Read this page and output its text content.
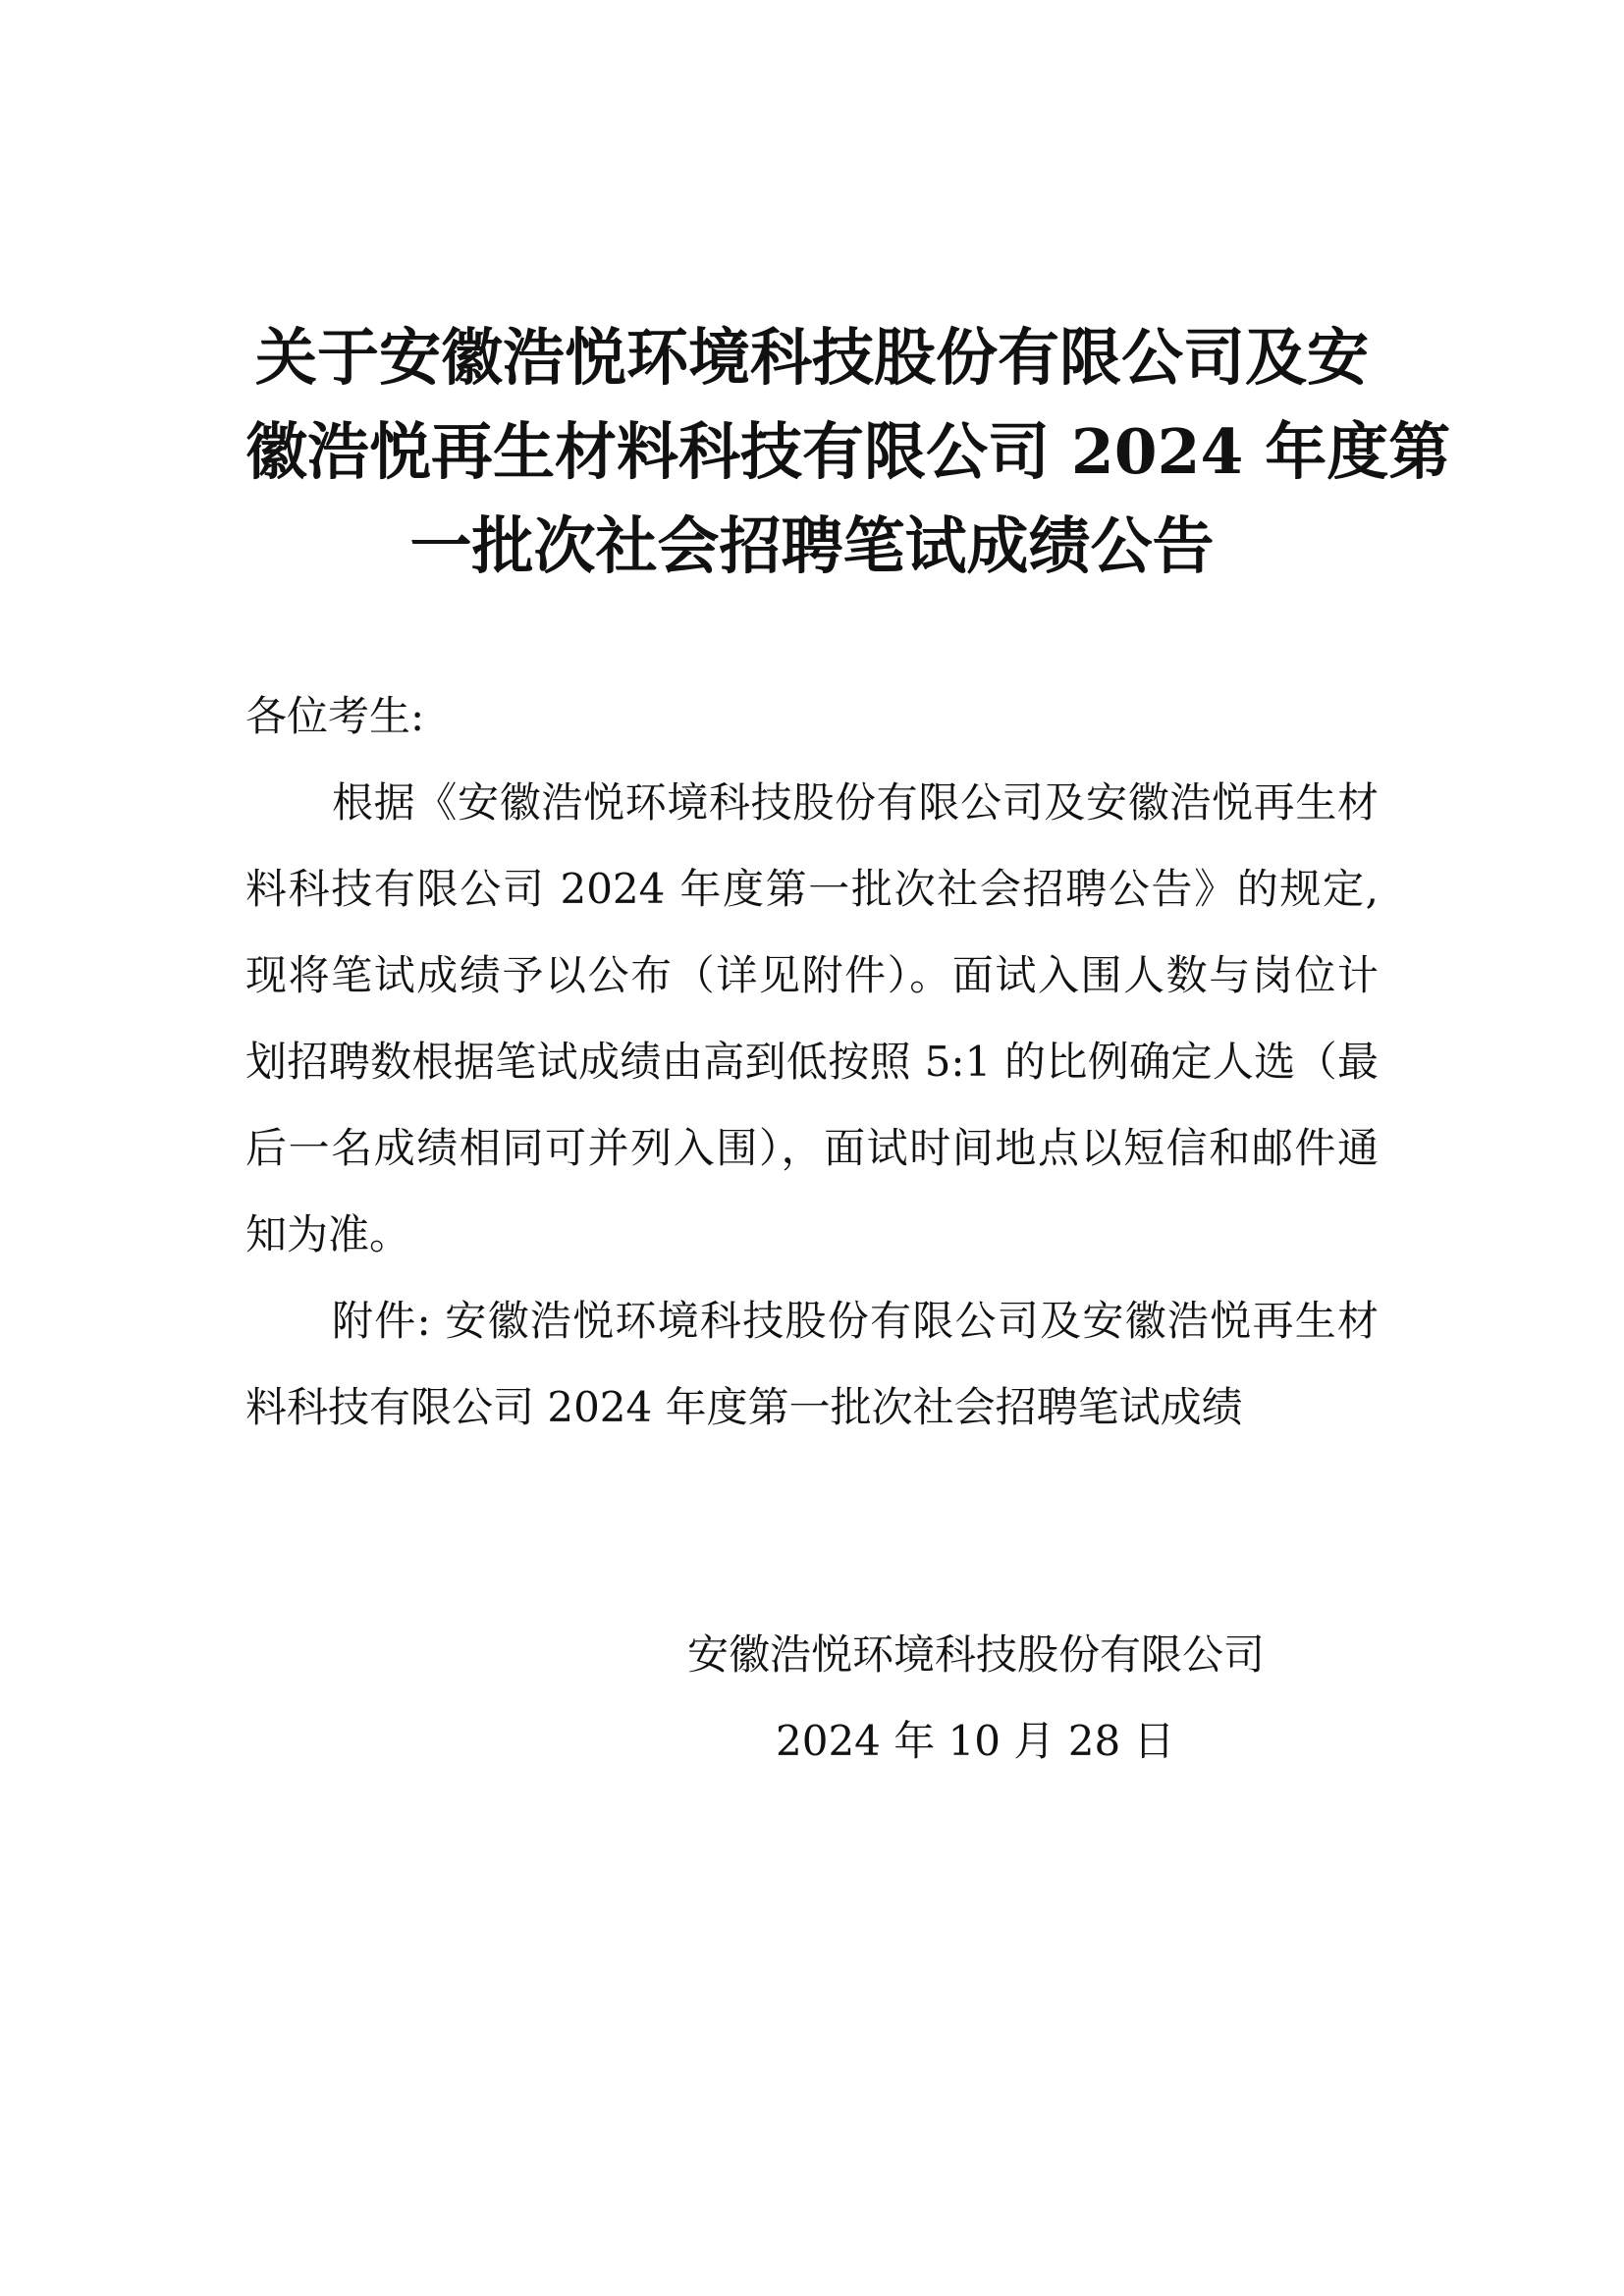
关于安徽浩悦环境科技股份有限公司及安
徽浩悦再生材料科技有限公司 2024 年度第
一批次社会招聘笔试成绩公告

各位考生:

根据《安徽浩悦环境科技股份有限公司及安徽浩悦再生材料科技有限公司 2024 年度第一批次社会招聘公告》的规定,现将笔试成绩予以公布（详见附件）。面试入围人数与岗位计划招聘数根据笔试成绩由高到低按照 5:1 的比例确定人选（最后一名成绩相同可并列入围），面试时间地点以短信和邮件通知为准。

附件: 安徽浩悦环境科技股份有限公司及安徽浩悦再生材料科技有限公司 2024 年度第一批次社会招聘笔试成绩

安徽浩悦环境科技股份有限公司
2024 年 10 月 28 日
